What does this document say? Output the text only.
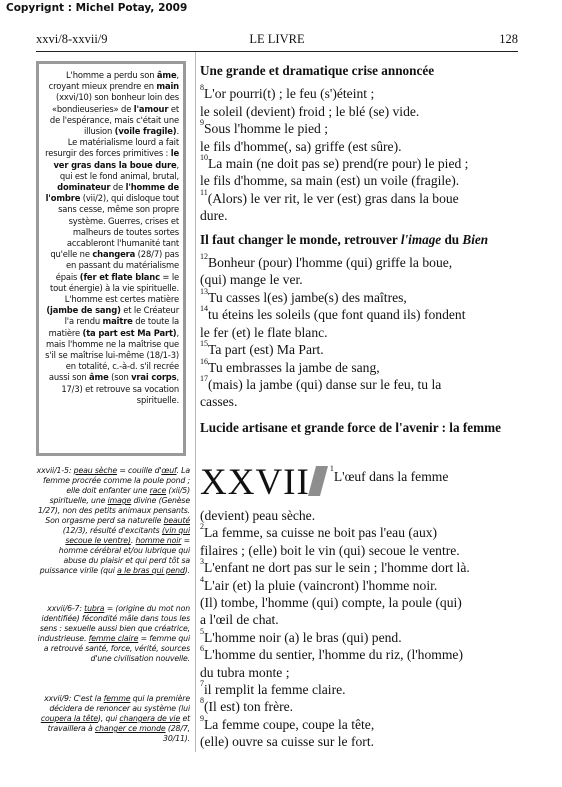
Copyrignt : Michel Potay, 2009
xxvi/8-xxvii/9	LE LIVRE	128
L'homme a perdu son âme, croyant mieux prendre en main (xxvi/10) son bonheur loin des «bondieuseries» de l'amour et de l'espérance, mais c'était une illusion (voile fragile).
Le matérialisme lourd a fait resurgir des forces primitives : le ver gras dans la boue dure, qui est le fond animal, brutal, dominateur de l'homme de l'ombre (vii/2), qui disloque tout sans cesse, même son propre système. Guerres, crises et malheurs de toutes sortes accableront l'humanité tant qu'elle ne changera (28/7) pas en passant du matérialisme épais (fer et flate blanc = le tout énergie) à la vie spirituelle.
L'homme est certes matière (jambe de sang) et le Créateur l'a rendu maître de toute la matière (ta part est Ma Part), mais l'homme ne la maîtrise que s'il se maîtrise lui-même (18/1-3) en totalité, c.-à-d. s'il recrée aussi son âme (son vrai corps, 17/3) et retrouve sa vocation spirituelle.
xxvii/1-5: peau sèche = couille d'œuf. La femme procrée comme la poule pond ; elle doit enfanter une race (xii/5) spirituelle, une image divine (Genèse 1/27), non des petits animaux pensants. Son orgasme perd sa naturelle beauté (12/3), résulté d'excitants (vin qui secoue le ventre). homme noir = homme cérébral et/ou lubrique qui abuse du plaisir et qui perd tôt sa puissance virile (qui a le bras qui pend).
xxvii/6-7: tubra = (origine du mot non identifiée) fécondité mâle dans tous les sens : sexuelle aussi bien que créatrice, industrieuse. femme claire = femme qui a retrouvé santé, force, vérité, sources d'une civilisation nouvelle.
xxvii/9: C'est la femme qui la première décidera de renoncer au système (lui coupera la tête), qui changera de vie et travaillera à changer ce monde (28/7, 30/11).

Une grande et dramatique crise annoncée

$^8$L'or pourri(t) ; le feu (s')éteint ;

le soleil (devient) froid ; le blé (se) vide.

$^9$Sous l'homme le pied ;

le fils d'homme(, sa) griffe (est sûre).

$^{10}$La main (ne doit pas se) prend(re pour) le pied ;

le fils d'homme, sa main (est) un voile (fragile).

$^{11}$(Alors) le ver rit, le ver (est) gras dans la boue

dure.

Il faut changer le monde, retrouver l'image du Bien

$^{12}$Bonheur (pour) l'homme (qui) griffe la boue,

(qui) mange le ver.

$^{13}$Tu casses l(es) jambe(s) des maîtres,

$^{14}$tu éteins les soleils (que font quand ils) fondent

le fer (et) le flate blanc.

$^{15}$Ta part (est) Ma Part.

$^{16}$Tu embrasses la jambe de sang,

$^{17}$(mais) la jambe (qui) danse sur le feu, tu la

casses.

Lucide artisane et grande force de l'avenir : la femme

XXVII	$^1$L'œuf dans la femme

(devient) peau sèche.

$^2$La femme, sa cuisse ne boit pas l'eau (aux)

filaires ; (elle) boit le vin (qui) secoue le ventre.

$^3$L'enfant ne dort pas sur le sein ; l'homme dort là.

$^4$L'air (et) la pluie (vaincront) l'homme noir.

(Il) tombe, l'homme (qui) compte, la poule (qui)

a l'œil de chat.

$^5$L'homme noir (a) le bras (qui) pend.

$^6$L'homme du sentier, l'homme du riz, (l'homme)

du tubra monte ;

$^7$il remplit la femme claire.

$^8$(Il est) ton frère.

$^9$La femme coupe, coupe la tête,

(elle) ouvre sa cuisse sur le fort.
